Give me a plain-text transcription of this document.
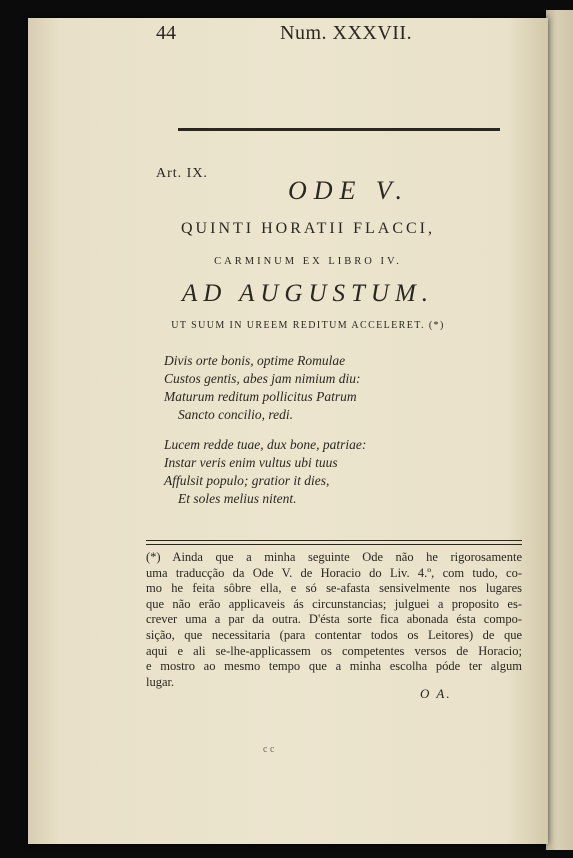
44	Num. XXXVII.
Art. IX.
ODE V.
QUINTI HORATII FLACCI,
CARMINUM EX LIBRO IV.
AD AUGUSTUM.
UT SUUM IN UREEM REDITUM ACCELERET. (*)
Divis orte bonis, optime Romulae
Custos gentis, abes jam nimium diu:
Maturum reditum pollicitus Patrum
Sancto concilio, redi.
Lucem redde tuae, dux bone, patriae:
Instar veris enim vultus ubi tuus
Affulsit populo; gratior it dies,
Et soles melius nitent.
(*) Ainda que a minha seguinte Ode não he rigorosamente
uma traducção da Ode V. de Horacio do Liv. 4.º, com tudo, co-
mo he feita sôbre ella, e só se-afasta sensivelmente nos lugares
que não erão applicaveis ás circunstancias; julguei a proposito es-
crever uma a par da outra. D'ésta sorte fica abonada ésta compo-
sição, que necessitaria (para contentar todos os Leitores) de que
aqui e ali se-lhe-applicassem os competentes versos de Horacio;
e mostro ao mesmo tempo que a minha escolha póde ter algum
lugar.
O A.
c c
